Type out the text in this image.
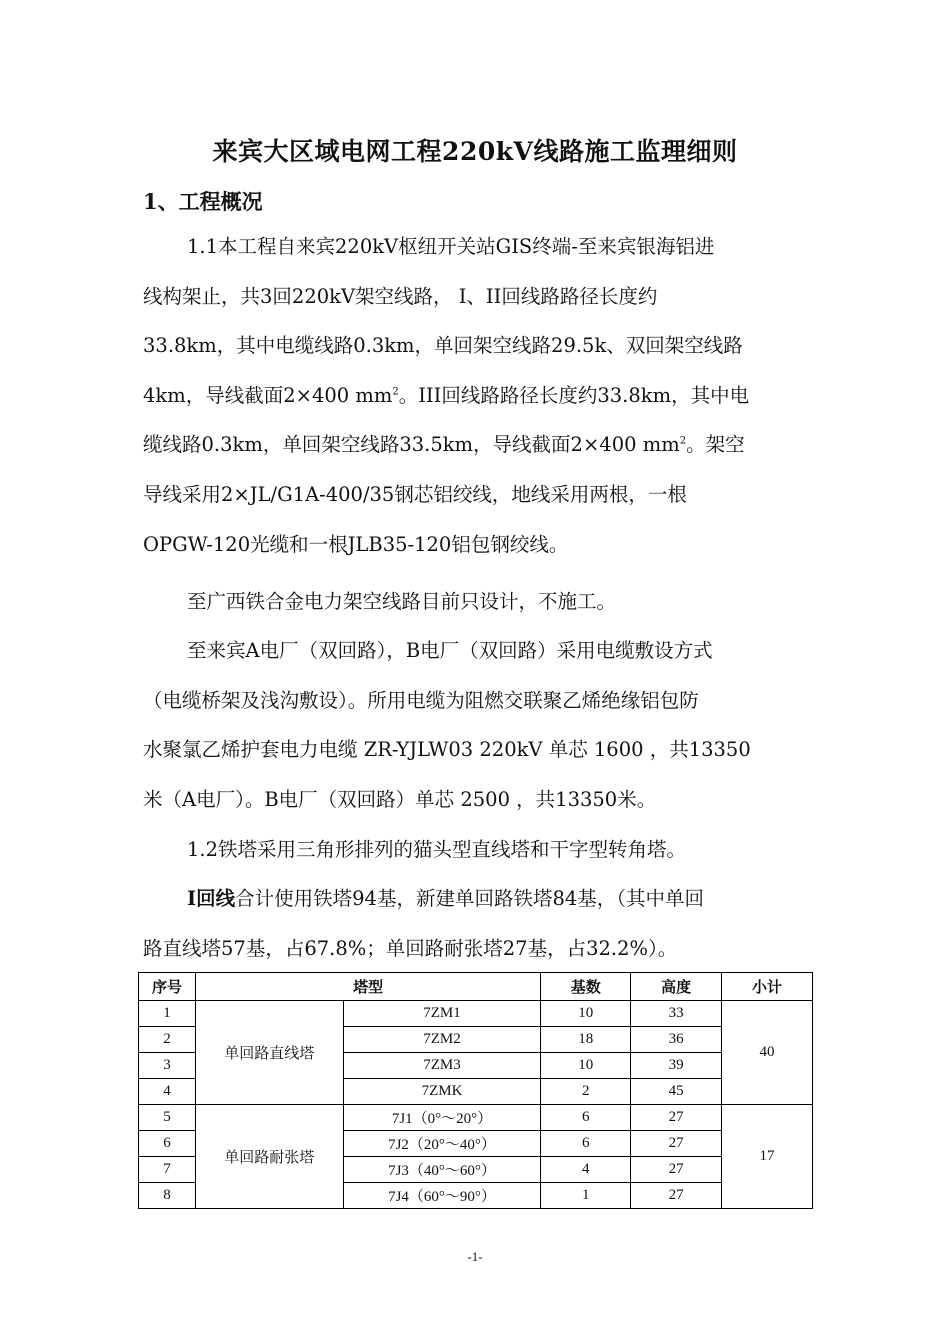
来宾大区域电网工程220kV线路施工监理细则
1、工程概况
1.1本工程自来宾220kV枢纽开关站GIS终端-至来宾银海铝进
线构架止，共3回220kV架空线路， I、II回线路路径长度约
33.8km，其中电缆线路0.3km，单回架空线路29.5k、双回架空线路
4km，导线截面2×400 $mm^2$。III回线路路径长度约33.8km，其中电
缆线路0.3km，单回架空线路33.5km，导线截面2×400 $mm^2$。架空
导线采用2×JL/G1A-400/35钢芯铝绞线，地线采用两根，一根
OPGW-120光缆和一根JLB35-120铝包钢绞线。
至广西铁合金电力架空线路目前只设计，不施工。
至来宾A电厂（双回路），B电厂（双回路）采用电缆敷设方式
（电缆桥架及浅沟敷设）。所用电缆为阻燃交联聚乙烯绝缘铝包防
水聚氯乙烯护套电力电缆 ZR-YJLW03 220kV 单芯 1600 ，共13350
米（A电厂）。B电厂（双回路）单芯 2500 ，共13350米。
1.2铁塔采用三角形排列的猫头型直线塔和干字型转角塔。
I回线合计使用铁塔94基，新建单回路铁塔84基，（其中单回
路直线塔57基，占67.8%；单回路耐张塔27基，占32.2%）。
序号	塔型		基数	高度	小计
1	单回路直线塔	7ZM1	10	33	40
2		7ZM2	18	36	
3		7ZM3	10	39	
4		7ZMK	2	45	
5	单回路耐张塔	7J1（0°～20°）	6	27	17
6		7J2（20°～40°）	6	27	
7		7J3（40°～60°）	4	27	
8		7J4（60°～90°）	1	27	
-1-
